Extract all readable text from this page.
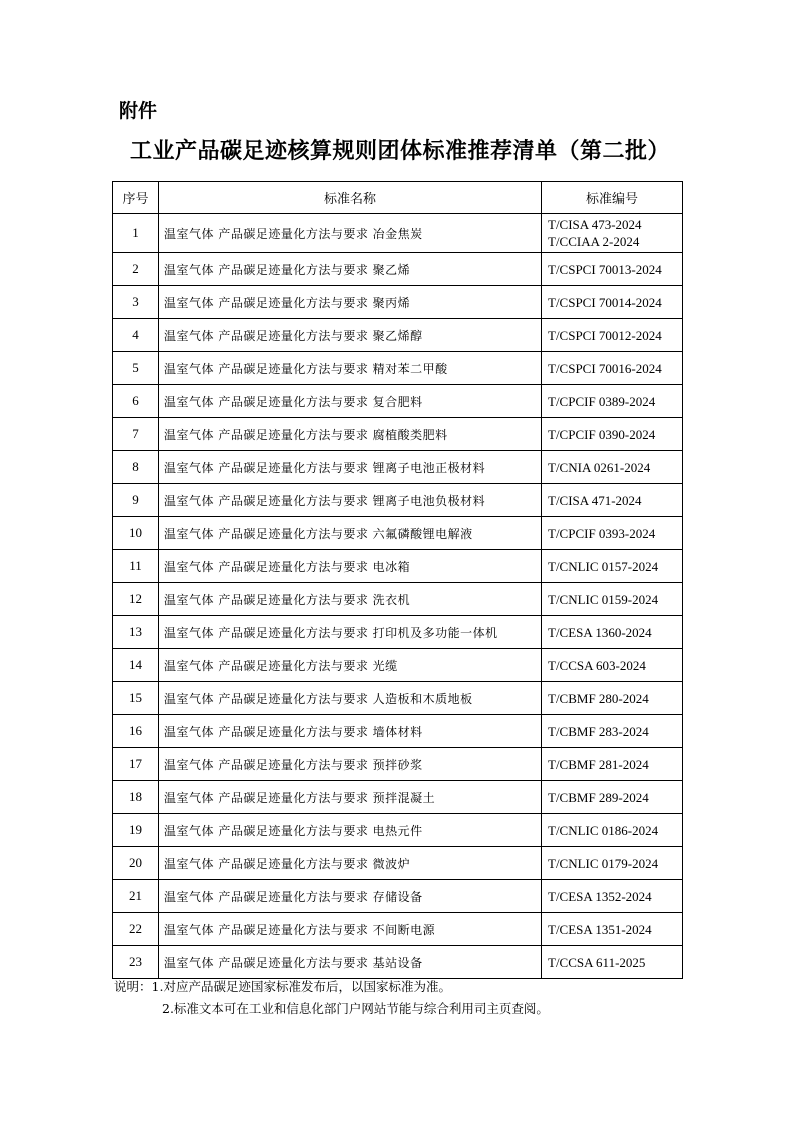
附件
工业产品碳足迹核算规则团体标准推荐清单（第二批）
序号	标准名称	标准编号
1	温室气体 产品碳足迹量化方法与要求 冶金焦炭	T/CISA 473-2024
T/CCIAA 2-2024

2	温室气体 产品碳足迹量化方法与要求 聚乙烯	T/CSPCI 70013-2024

3	温室气体 产品碳足迹量化方法与要求 聚丙烯	T/CSPCI 70014-2024

4	温室气体 产品碳足迹量化方法与要求 聚乙烯醇	T/CSPCI 70012-2024

5	温室气体 产品碳足迹量化方法与要求 精对苯二甲酸	T/CSPCI 70016-2024

6	温室气体 产品碳足迹量化方法与要求 复合肥料	T/CPCIF 0389-2024

7	温室气体 产品碳足迹量化方法与要求 腐植酸类肥料	T/CPCIF 0390-2024

8	温室气体 产品碳足迹量化方法与要求 锂离子电池正极材料	T/CNIA 0261-2024

9	温室气体 产品碳足迹量化方法与要求 锂离子电池负极材料	T/CISA 471-2024

10	温室气体 产品碳足迹量化方法与要求 六氟磷酸锂电解液	T/CPCIF 0393-2024

11	温室气体 产品碳足迹量化方法与要求 电冰箱	T/CNLIC 0157-2024

12	温室气体 产品碳足迹量化方法与要求 洗衣机	T/CNLIC 0159-2024

13	温室气体 产品碳足迹量化方法与要求 打印机及多功能一体机	T/CESA 1360-2024

14	温室气体 产品碳足迹量化方法与要求 光缆	T/CCSA 603-2024

15	温室气体 产品碳足迹量化方法与要求 人造板和木质地板	T/CBMF 280-2024

16	温室气体 产品碳足迹量化方法与要求 墙体材料	T/CBMF 283-2024

17	温室气体 产品碳足迹量化方法与要求 预拌砂浆	T/CBMF 281-2024

18	温室气体 产品碳足迹量化方法与要求 预拌混凝土	T/CBMF 289-2024

19	温室气体 产品碳足迹量化方法与要求 电热元件	T/CNLIC 0186-2024

20	温室气体 产品碳足迹量化方法与要求 微波炉	T/CNLIC 0179-2024

21	温室气体 产品碳足迹量化方法与要求 存储设备	T/CESA 1352-2024

22	温室气体 产品碳足迹量化方法与要求 不间断电源	T/CESA 1351-2024

23	温室气体 产品碳足迹量化方法与要求 基站设备	T/CCSA 611-2025
说明：1.对应产品碳足迹国家标准发布后，以国家标准为准。
2.标准文本可在工业和信息化部门户网站节能与综合利用司主页查阅。
